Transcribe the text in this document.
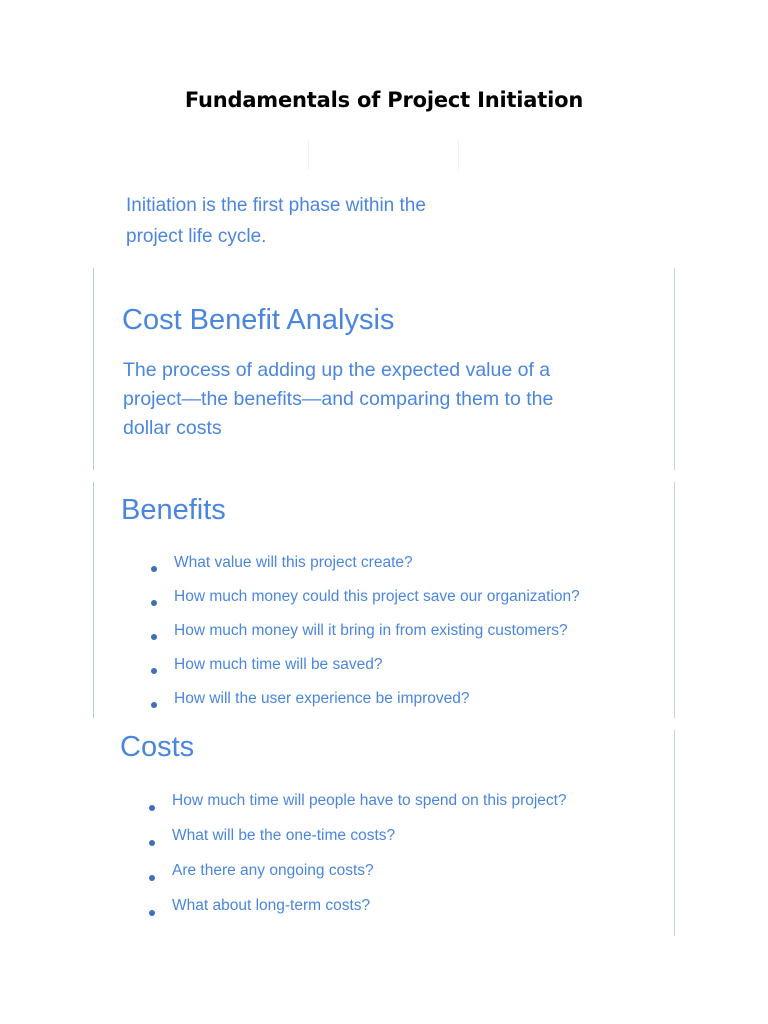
Fundamentals of Project Initiation
Initiation is the first phase within the project life cycle.
Cost Benefit Analysis
The process of adding up the expected value of a project—the benefits—and comparing them to the dollar costs
Benefits
What value will this project create?
How much money could this project save our organization?
How much money will it bring in from existing customers?
How much time will be saved?
How will the user experience be improved?
Costs
How much time will people have to spend on this project?
What will be the one-time costs?
Are there any ongoing costs?
What about long-term costs?
